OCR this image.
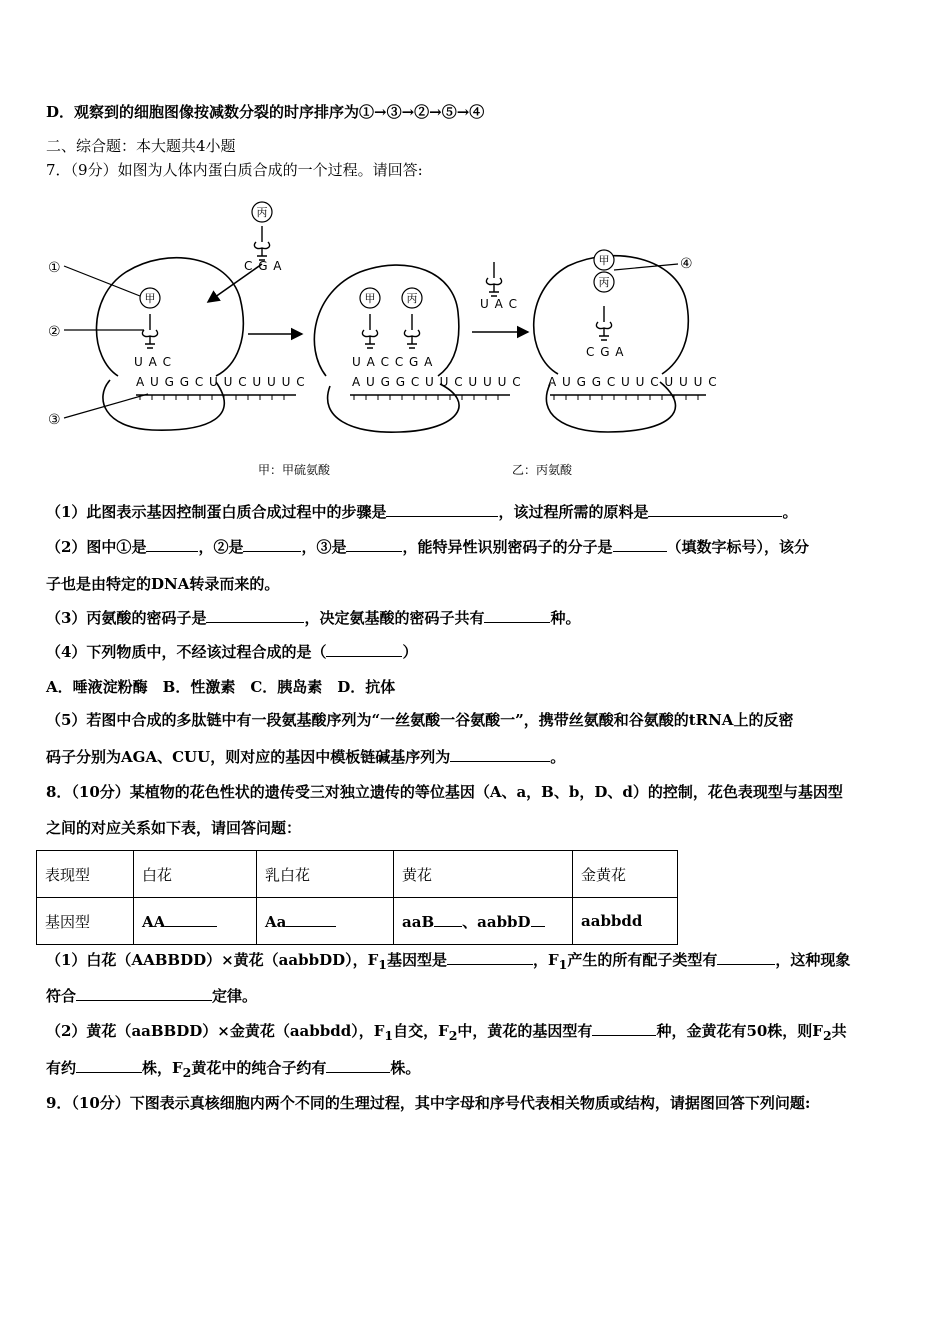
D．观察到的细胞图像按减数分裂的时序排序为①→③→②→⑤→④
二、综合题：本大题共4小题
7．（9分）如图为人体内蛋白质合成的一个过程。请回答:
丙
甲	甲	丙
甲
丙
C G A
U A C
A U G G C U U C U U U C
U A C C G A
A U G G C U U C U U U C
U A C
C G A
A U G G C U U C U U U C
①
②
③
④
甲：甲硫氨酸	乙：丙氨酸
（1）此图表示基因控制蛋白质合成过程中的步骤是	，该过程所需的原料是	。
（2）图中①是	，②是	，③是	，能特异性识别密码子的分子是	（填数字标号），该分
子也是由特定的DNA转录而来的。
（3）丙氨酸的密码子是	，决定氨基酸的密码子共有	种。
（4）下列物质中，不经该过程合成的是（	）
A．唾液淀粉酶　B．性激素　C．胰岛素　D．抗体
（5）若图中合成的多肽链中有一段氨基酸序列为“一丝氨酸一谷氨酸一”，携带丝氨酸和谷氨酸的tRNA上的反密
码子分别为AGA、CUU，则对应的基因中模板链碱基序列为	。
8．（10分）某植物的花色性状的遗传受三对独立遗传的等位基因（A、a，B、b，D、d）的控制，花色表现型与基因型
之间的对应关系如下表，请回答问题：
表现型	白花	乳白花	黄花	金黄花
基因型	AA	Aa	aaB 、aabbD	aabbdd
（1）白花（AABBDD）×黄花（aabbDD），$F_1$基因型是	，$F_1$产生的所有配子类型有	，这种现象
符合	定律。
（2）黄花（aaBBDD）×金黄花（aabbdd），$F_1$自交，$F_2$中，黄花的基因型有	种，金黄花有50株，则$F_2$共
有约	株，$F_2$黄花中的纯合子约有	株。
9．（10分）下图表示真核细胞内两个不同的生理过程，其中字母和序号代表相关物质或结构，请据图回答下列问题:
